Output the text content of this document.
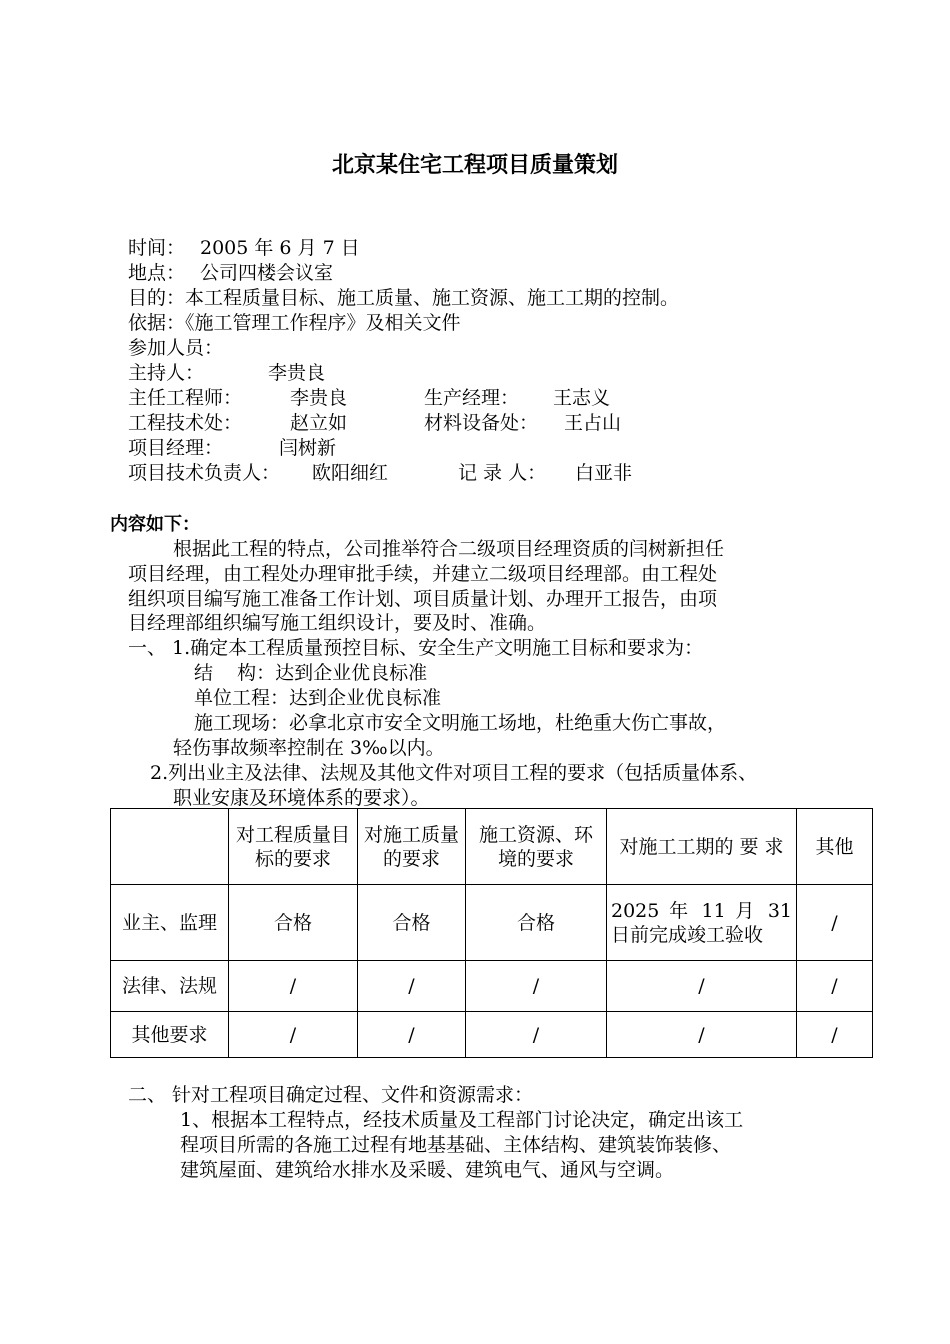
北京某住宅工程项目质量策划
时间： 2005 年 6 月 7 日
地点： 公司四楼会议室
目的：本工程质量目标、施工质量、施工资源、施工工期的控制。
依据：《施工管理工作程序》及相关文件
参加人员：
主持人：	李贵良
主任工程师：	李贵良	生产经理： 王志义
工程技术处：	赵立如	材料设备处： 王占山
项目经理：	闫树新
项目技术负责人： 欧阳细红	记 录 人： 白亚非
内容如下：
根据此工程的特点，公司推举符合二级项目经理资质的闫树新担任
项目经理，由工程处办理审批手续，并建立二级项目经理部。由工程处
组织项目编写施工准备工作计划、项目质量计划、办理开工报告，由项
目经理部组织编写施工组织设计，要及时、准确。
一、 1.确定本工程质量预控目标、安全生产文明施工目标和要求为：
结    构：达到企业优良标准
单位工程：达到企业优良标准
施工现场：必拿北京市安全文明施工场地，杜绝重大伤亡事故，
轻伤事故频率控制在 3‰以内。
2.列出业主及法律、法规及其他文件对项目工程的要求（包括质量体系、
职业安康及环境体系的要求）。
	对工程质量目标的要求	对施工质量的要求	施工资源、环境的要求	对施工工期的 要 求	其他
业主、监理	合格	合格	合格	2025 年 11 月 31 日前完成竣工验收	/
法律、法规	/	/	/	/	/
其他要求	/	/	/	/	/
二、 针对工程项目确定过程、文件和资源需求：
1、根据本工程特点，经技术质量及工程部门讨论决定，确定出该工
程项目所需的各施工过程有地基基础、主体结构、建筑装饰装修、
建筑屋面、建筑给水排水及采暖、建筑电气、通风与空调。
